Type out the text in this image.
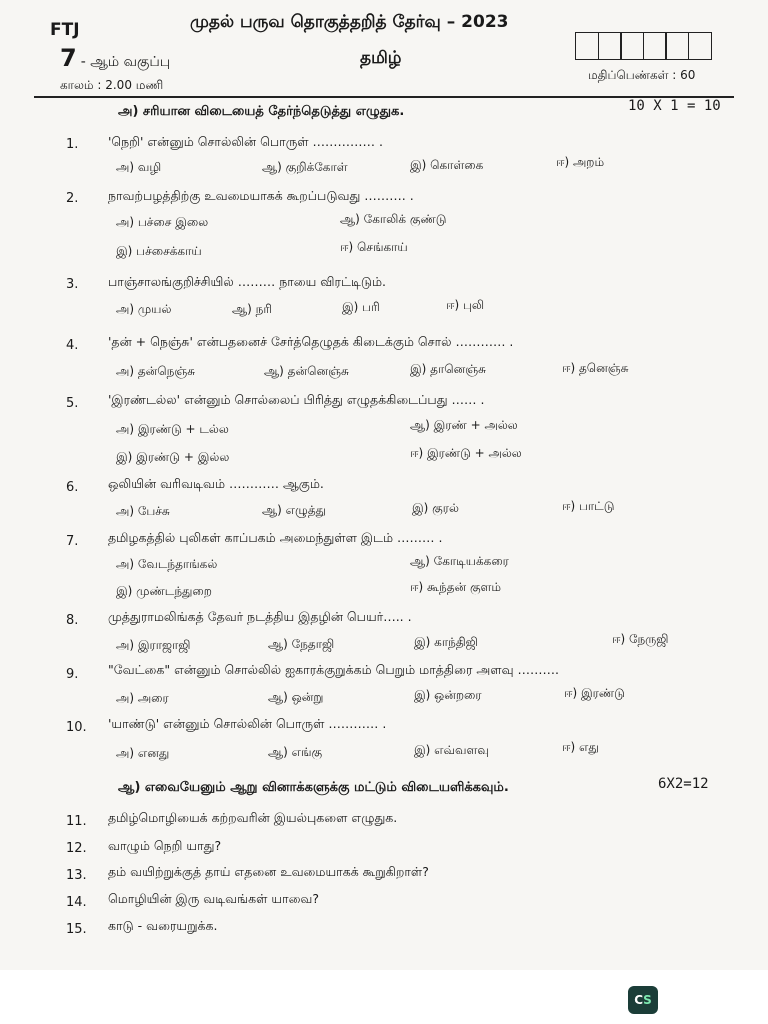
FTJ
7 - ஆம் வகுப்பு
காலம் : 2.00 மணி
முதல் பருவ தொகுத்தறித் தேர்வு – 2023
தமிழ்
மதிப்பெண்கள் : 60
அ) சரியான விடையைத் தேர்ந்தெடுத்து எழுதுக.	10 X 1 = 10
1. 'நெறி' என்னும் சொல்லின் பொருள் …………… .
அ) வழி	ஆ) குறிக்கோள்	இ) கொள்கை	ஈ) அறம்
2. நாவற்பழத்திற்கு உவமையாகக் கூறப்படுவது ………. .
அ) பச்சை இலை	ஆ) கோலிக் குண்டு
இ) பச்சைக்காய்	ஈ) செங்காய்
3. பாஞ்சாலங்குறிச்சியில் ……… நாயை விரட்டிடும்.
அ) முயல்	ஆ) நரி	இ) பரி	ஈ) புலி
4. 'தன் + நெஞ்சு' என்பதனைச் சேர்த்தெழுதக் கிடைக்கும் சொல் ………… .
அ) தன்நெஞ்சு	ஆ) தன்னெஞ்சு	இ) தானெஞ்சு	ஈ) தனெஞ்சு
5. 'இரண்டல்ல' என்னும் சொல்லைப் பிரித்து எழுதக்கிடைப்பது …… .
அ) இரண்டு + டல்ல	ஆ) இரண் + அல்ல
இ) இரண்டு + இல்ல	ஈ) இரண்டு + அல்ல
6. ஒலியின் வரிவடிவம் ………… ஆகும்.
அ) பேச்சு	ஆ) எழுத்து	இ) குரல்	ஈ) பாட்டு
7. தமிழகத்தில் புலிகள் காப்பகம் அமைந்துள்ள இடம் ……… .
அ) வேடந்தாங்கல்	ஆ) கோடியக்கரை
இ) முண்டந்துறை	ஈ) கூந்தன் குளம்
8. முத்துராமலிங்கத் தேவர் நடத்திய இதழின் பெயர்….. .
அ) இராஜாஜி	ஆ) நேதாஜி	இ) காந்திஜி	ஈ) நேருஜி
9. "வேட்கை" என்னும் சொல்லில் ஐகாரக்குறுக்கம் பெறும் மாத்திரை அளவு ……….
அ) அரை	ஆ) ஒன்று	இ) ஒன்றரை	ஈ) இரண்டு
10. 'யாண்டு' என்னும் சொல்லின் பொருள் ………… .
அ) எனது	ஆ) எங்கு	இ) எவ்வளவு	ஈ) எது
ஆ) எவையேனும் ஆறு வினாக்களுக்கு மட்டும் விடையளிக்கவும்.	6X2=12
11. தமிழ்மொழியைக் கற்றவரின் இயல்புகளை எழுதுக.
12. வாழும் நெறி யாது?
13. தம் வயிற்றுக்குத் தாய் எதனை உவமையாகக் கூறுகிறாள்?
14. மொழியின் இரு வடிவங்கள் யாவை?
15. காடு - வரையறுக்க.
C S
